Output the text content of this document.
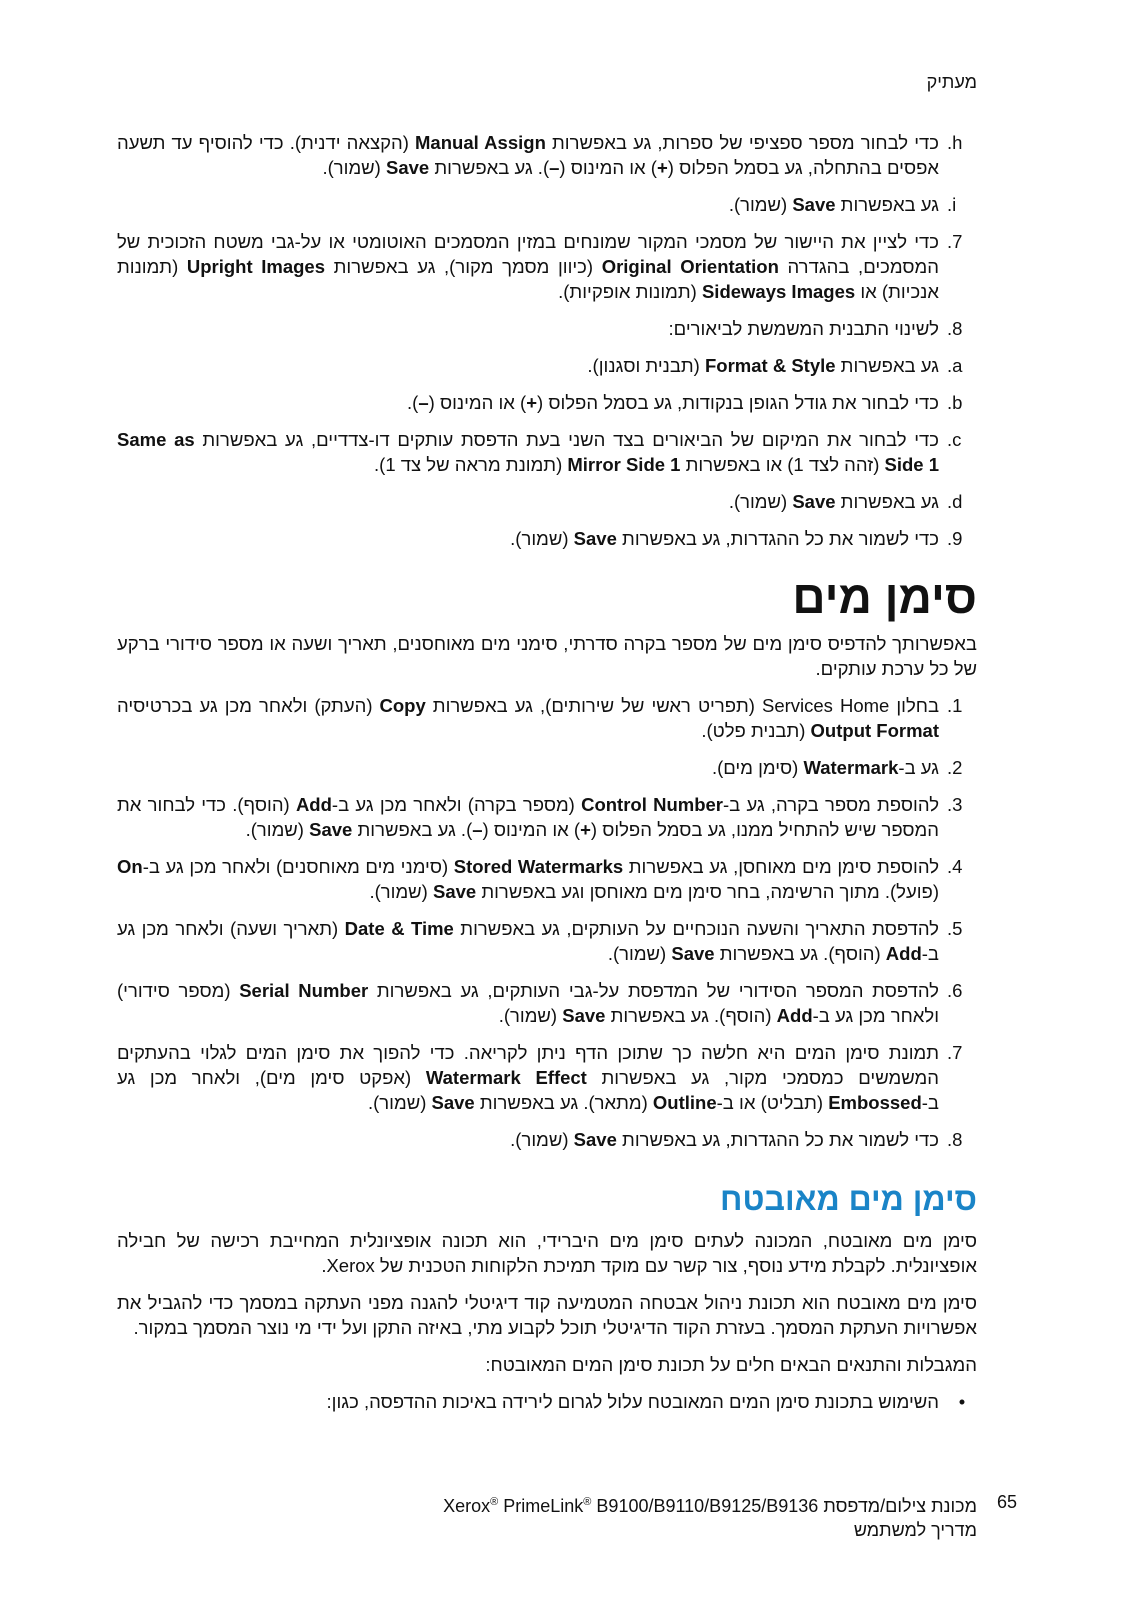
מעתיק
.h
כדי לבחור מספר ספציפי של ספרות, גע באפשרות Manual Assign (הקצאה ידנית). כדי להוסיף עד תשעה אפסים בהתחלה, גע בסמל הפלוס (+) או המינוס (–). גע באפשרות Save (שמור).
.i
גע באפשרות Save (שמור).
.7
כדי לציין את היישור של מסמכי המקור שמונחים במזין המסמכים האוטומטי או על-גבי משטח הזכוכית של המסמכים, בהגדרה Original Orientation (כיוון מסמך מקור), גע באפשרות Upright Images (תמונות אנכיות) או Sideways Images (תמונות אופקיות).
.8
לשינוי התבנית המשמשת לביאורים:
.a
גע באפשרות Format & Style (תבנית וסגנון).
.b
כדי לבחור את גודל הגופן בנקודות, גע בסמל הפלוס (+) או המינוס (–).
.c
כדי לבחור את המיקום של הביאורים בצד השני בעת הדפסת עותקים דו-צדדיים, גע באפשרות Same as Side 1 (זהה לצד 1) או באפשרות Mirror Side 1 (תמונת מראה של צד 1).
.d
גע באפשרות Save (שמור).
.9
כדי לשמור את כל ההגדרות, גע באפשרות Save (שמור).
סימן מים
באפשרותך להדפיס סימן מים של מספר בקרה סדרתי, סימני מים מאוחסנים, תאריך ושעה או מספר סידורי ברקע של כל ערכת עותקים.
.1
בחלון Services Home (תפריט ראשי של שירותים), גע באפשרות Copy (העתק) ולאחר מכן גע בכרטיסיה Output Format (תבנית פלט).
.2
גע ב-Watermark (סימן מים).
.3
להוספת מספר בקרה, גע ב-Control Number (מספר בקרה) ולאחר מכן גע ב-Add (הוסף). כדי לבחור את המספר שיש להתחיל ממנו, גע בסמל הפלוס (+) או המינוס (–). גע באפשרות Save (שמור).
.4
להוספת סימן מים מאוחסן, גע באפשרות Stored Watermarks (סימני מים מאוחסנים) ולאחר מכן גע ב-On (פועל). מתוך הרשימה, בחר סימן מים מאוחסן וגע באפשרות Save (שמור).
.5
להדפסת התאריך והשעה הנוכחיים על העותקים, גע באפשרות Date & Time (תאריך ושעה) ולאחר מכן גע ב-Add (הוסף). גע באפשרות Save (שמור).
.6
להדפסת המספר הסידורי של המדפסת על-גבי העותקים, גע באפשרות Serial Number (מספר סידורי) ולאחר מכן גע ב-Add (הוסף). גע באפשרות Save (שמור).
.7
תמונת סימן המים היא חלשה כך שתוכן הדף ניתן לקריאה. כדי להפוך את סימן המים לגלוי בהעתקים המשמשים כמסמכי מקור, גע באפשרות Watermark Effect (אפקט סימן מים), ולאחר מכן גע ב-Embossed (תבליט) או ב-Outline (מתאר). גע באפשרות Save (שמור).
.8
כדי לשמור את כל ההגדרות, גע באפשרות Save (שמור).
סימן מים מאובטח
סימן מים מאובטח, המכונה לעתים סימן מים היברידי, הוא תכונה אופציונלית המחייבת רכישה של חבילה אופציונלית. לקבלת מידע נוסף, צור קשר עם מוקד תמיכת הלקוחות הטכנית של Xerox.
סימן מים מאובטח הוא תכונת ניהול אבטחה המטמיעה קוד דיגיטלי להגנה מפני העתקה במסמך כדי להגביל את אפשרויות העתקת המסמך. בעזרת הקוד הדיגיטלי תוכל לקבוע מתי, באיזה התקן ועל ידי מי נוצר המסמך במקור.
המגבלות והתנאים הבאים חלים על תכונת סימן המים המאובטח:
•
השימוש בתכונת סימן המים המאובטח עלול לגרום לירידה באיכות ההדפסה, כגון:
65
Xerox® PrimeLink® B9100/B9110/B9125/B9136 מכונת צילום/מדפסת
מדריך למשתמש
